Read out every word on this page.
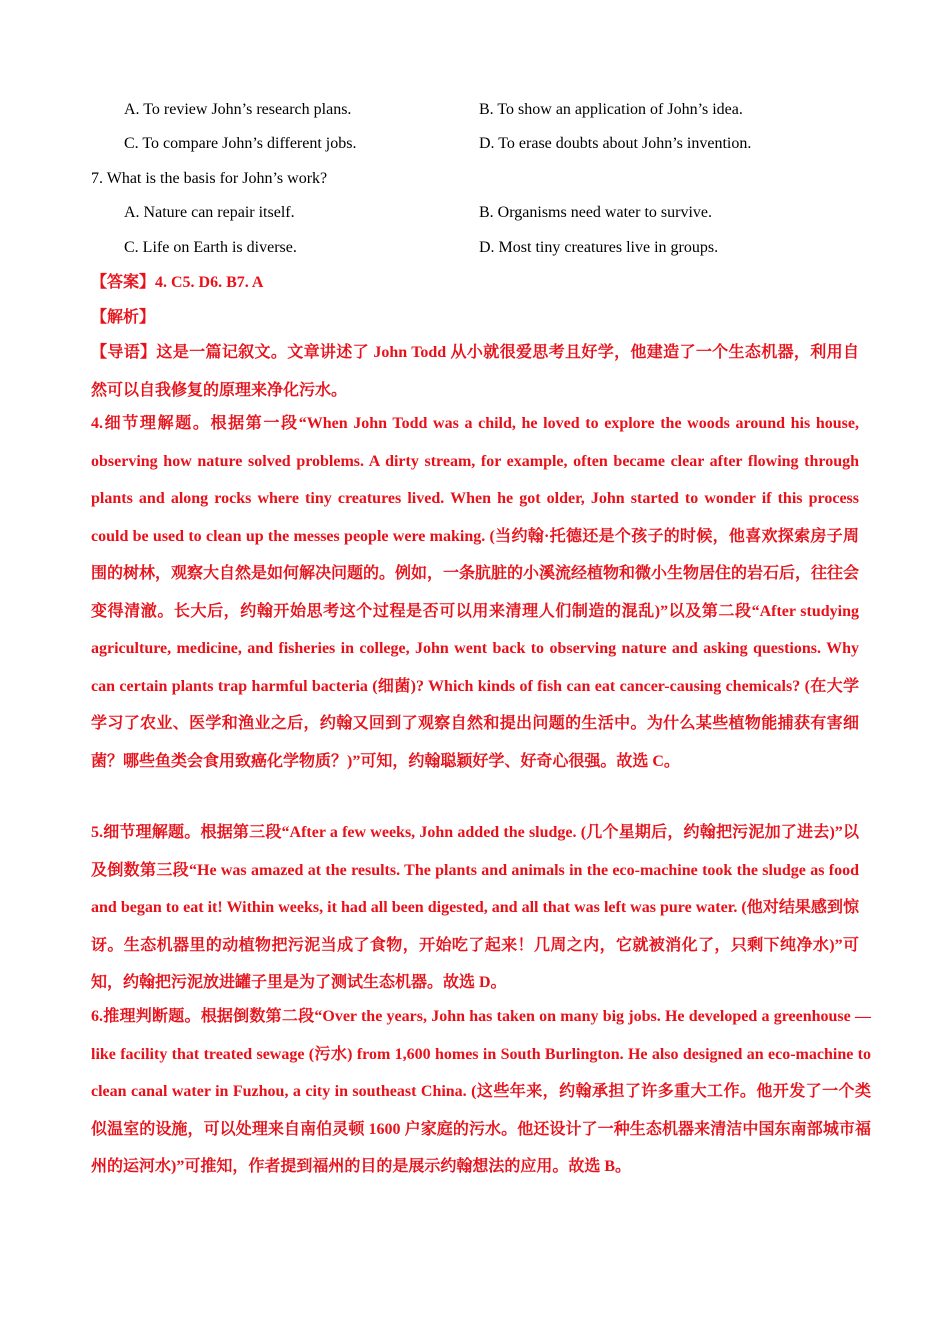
A. To review John’s research plans.	B. To show an application of John’s idea.
C. To compare John’s different jobs.	D. To erase doubts about John’s invention.
7. What is the basis for John’s work?
A. Nature can repair itself.	B. Organisms need water to survive.
C. Life on Earth is diverse.	D. Most tiny creatures live in groups.
【答案】4. C5. D6. B7. A
【解析】
【导语】这是一篇记叙文。文章讲述了 John Todd 从小就很爱思考且好学，他建造了一个生态机器，利用自然可以自我修复的原理来净化污水。
4.细节理解题。根据第一段“When John Todd was a child, he loved to explore the woods around his house, observing how nature solved problems. A dirty stream, for example, often became clear after flowing through plants and along rocks where tiny creatures lived. When he got older, John started to wonder if this process could be used to clean up the messes people were making. (当约翰·托德还是个孩子的时候，他喜欢探索房子周围的树林，观察大自然是如何解决问题的。例如，一条肮脏的小溪流经植物和微小生物居住的岩石后，往往会变得清澈。长大后，约翰开始思考这个过程是否可以用来清理人们制造的混乱)”以及第二段“After studying agriculture, medicine, and fisheries in college, John went back to observing nature and asking questions. Why can certain plants trap harmful bacteria (细菌)? Which kinds of fish can eat cancer-causing chemicals? (在大学学习了农业、医学和渔业之后，约翰又回到了观察自然和提出问题的生活中。为什么某些植物能捕获有害细菌？哪些鱼类会食用致癌化学物质？)”可知，约翰聪颖好学、好奇心很强。故选 C。
5.细节理解题。根据第三段“After a few weeks, John added the sludge. (几个星期后，约翰把污泥加了进去)”以及倒数第三段“He was amazed at the results. The plants and animals in the eco-machine took the sludge as food and began to eat it! Within weeks, it had all been digested, and all that was left was pure water. (他对结果感到惊讶。生态机器里的动植物把污泥当成了食物，开始吃了起来！几周之内，它就被消化了，只剩下纯净水)”可知，约翰把污泥放进罐子里是为了测试生态机器。故选 D。
6.推理判断题。根据倒数第二段“Over the years, John has taken on many big jobs. He developed a greenhouse — like facility that treated sewage (污水) from 1,600 homes in South Burlington. He also designed an eco-machine to clean canal water in Fuzhou, a city in southeast China. (这些年来，约翰承担了许多重大工作。他开发了一个类似温室的设施，可以处理来自南伯灵顿 1600 户家庭的污水。他还设计了一种生态机器来清洁中国东南部城市福州的运河水)”可推知，作者提到福州的目的是展示约翰想法的应用。故选 B。
